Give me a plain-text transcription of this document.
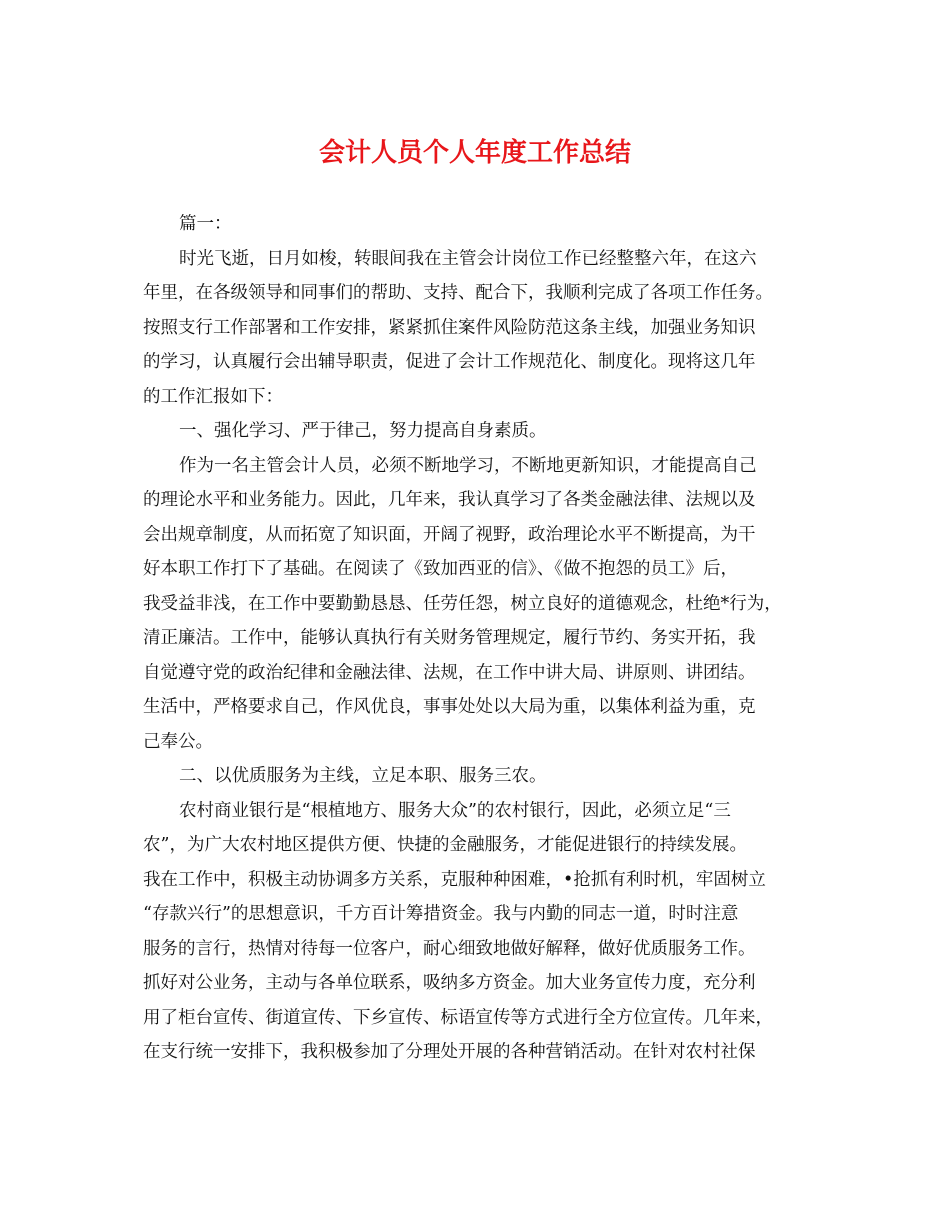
会计人员个人年度工作总结
篇一：
时光飞逝，日月如梭，转眼间我在主管会计岗位工作已经整整六年，在这六
年里，在各级领导和同事们的帮助、支持、配合下，我顺利完成了各项工作任务。
按照支行工作部署和工作安排，紧紧抓住案件风险防范这条主线，加强业务知识
的学习，认真履行会出辅导职责，促进了会计工作规范化、制度化。现将这几年
的工作汇报如下：
一、强化学习、严于律己，努力提高自身素质。
作为一名主管会计人员，必须不断地学习，不断地更新知识，才能提高自己
的理论水平和业务能力。因此，几年来，我认真学习了各类金融法律、法规以及
会出规章制度，从而拓宽了知识面，开阔了视野，政治理论水平不断提高，为干
好本职工作打下了基础。在阅读了《致加西亚的信》、《做不抱怨的员工》后，
我受益非浅，在工作中要勤勤恳恳、任劳任怨，树立良好的道德观念，杜绝*行为，
清正廉洁。工作中，能够认真执行有关财务管理规定，履行节约、务实开拓，我
自觉遵守党的政治纪律和金融法律、法规，在工作中讲大局、讲原则、讲团结。
生活中，严格要求自己，作风优良，事事处处以大局为重，以集体利益为重，克
己奉公。
二、以优质服务为主线，立足本职、服务三农。
农村商业银行是“根植地方、服务大众”的农村银行，因此，必须立足“三
农”，为广大农村地区提供方便、快捷的金融服务，才能促进银行的持续发展。
我在工作中，积极主动协调多方关系，克服种种困难，•抢抓有利时机，牢固树立
“存款兴行”的思想意识，千方百计筹措资金。我与内勤的同志一道，时时注意
服务的言行，热情对待每一位客户，耐心细致地做好解释，做好优质服务工作。
抓好对公业务，主动与各单位联系，吸纳多方资金。加大业务宣传力度，充分利
用了柜台宣传、街道宣传、下乡宣传、标语宣传等方式进行全方位宣传。几年来，
在支行统一安排下，我积极参加了分理处开展的各种营销活动。在针对农村社保
